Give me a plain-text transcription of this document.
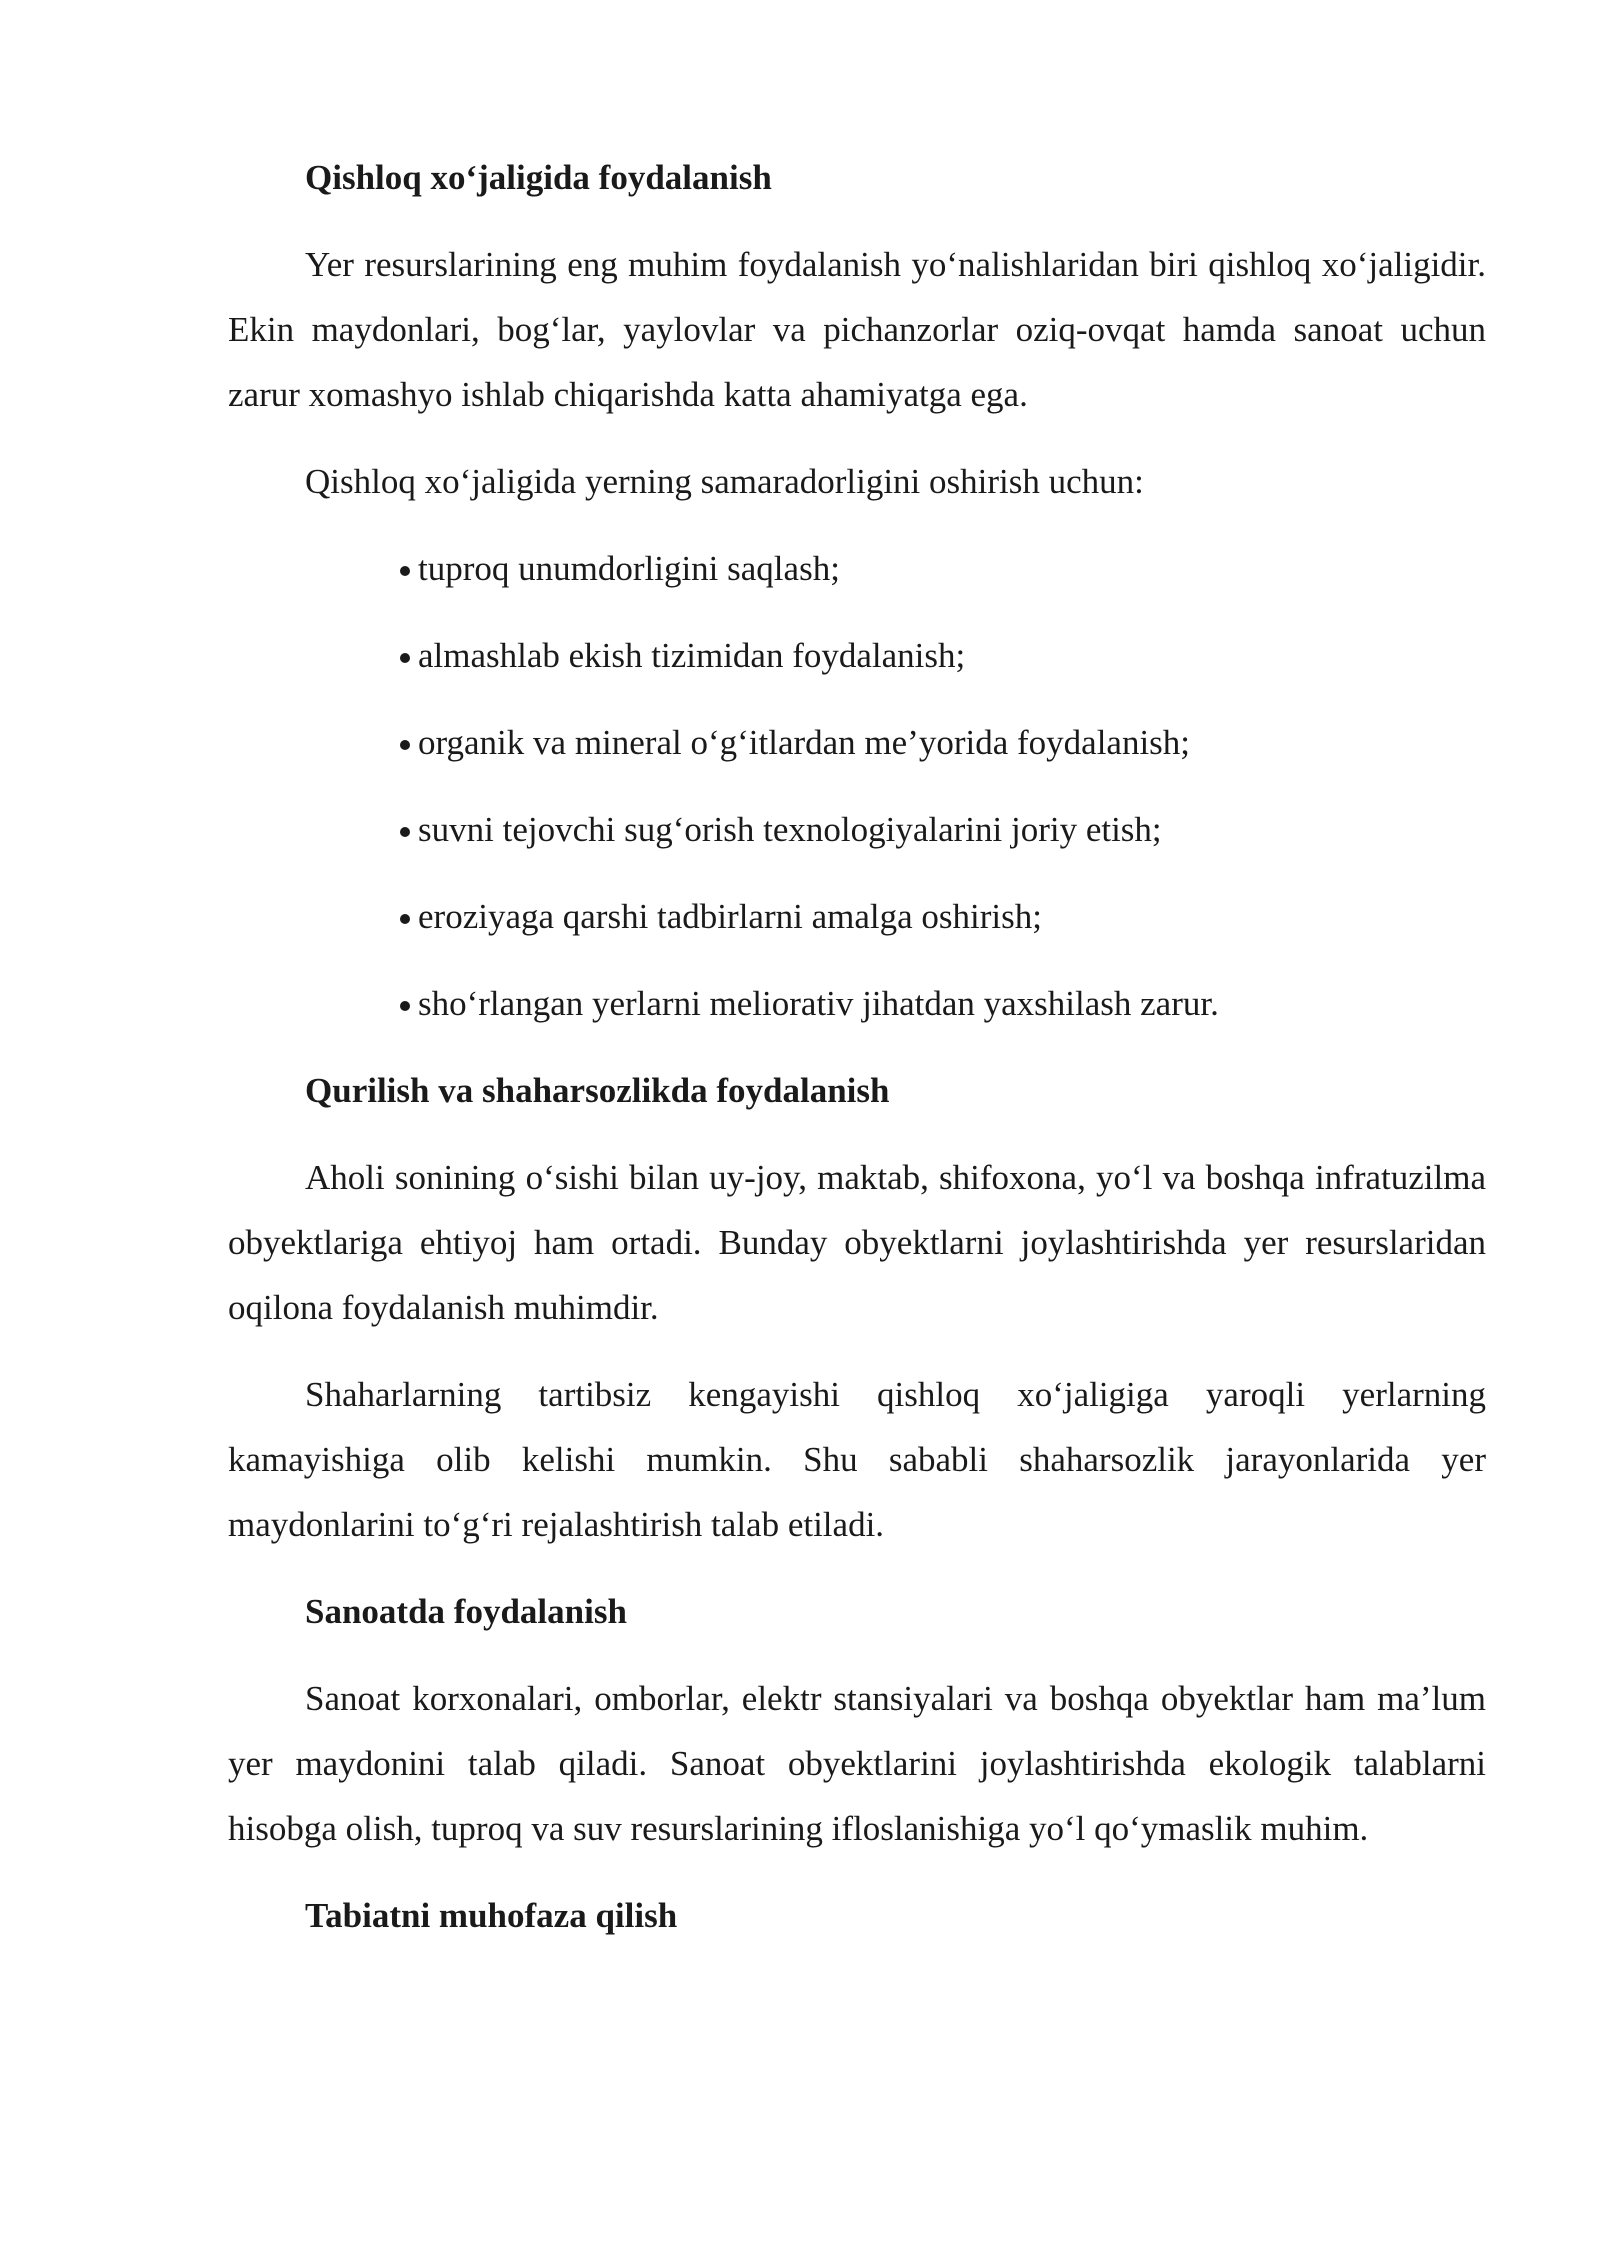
Qishloq xo‘jaligida foydalanish

Yer resurslarining eng muhim foydalanish yo‘nalishlaridan biri qishloq xo‘jaligidir. Ekin maydonlari, bog‘lar, yaylovlar va pichanzorlar oziq-ovqat hamda sanoat uchun zarur xomashyo ishlab chiqarishda katta ahamiyatga ega.

Qishloq xo‘jaligida yerning samaradorligini oshirish uchun:

tuproq unumdorligini saqlash;
almashlab ekish tizimidan foydalanish;
organik va mineral o‘g‘itlardan me’yorida foydalanish;
suvni tejovchi sug‘orish texnologiyalarini joriy etish;
eroziyaga qarshi tadbirlarni amalga oshirish;
sho‘rlangan yerlarni meliorativ jihatdan yaxshilash zarur.
Qurilish va shaharsozlikda foydalanish

Aholi sonining o‘sishi bilan uy-joy, maktab, shifoxona, yo‘l va boshqa infratuzilma obyektlariga ehtiyoj ham ortadi. Bunday obyektlarni joylashtirishda yer resurslaridan oqilona foydalanish muhimdir.

Shaharlarning tartibsiz kengayishi qishloq xo‘jaligiga yaroqli yerlarning kamayishiga olib kelishi mumkin. Shu sababli shaharsozlik jarayonlarida yer maydonlarini to‘g‘ri rejalashtirish talab etiladi.

Sanoatda foydalanish

Sanoat korxonalari, omborlar, elektr stansiyalari va boshqa obyektlar ham ma’lum yer maydonini talab qiladi. Sanoat obyektlarini joylashtirishda ekologik talablarni hisobga olish, tuproq va suv resurslarining ifloslanishiga yo‘l qo‘ymaslik muhim.

Tabiatni muhofaza qilish
